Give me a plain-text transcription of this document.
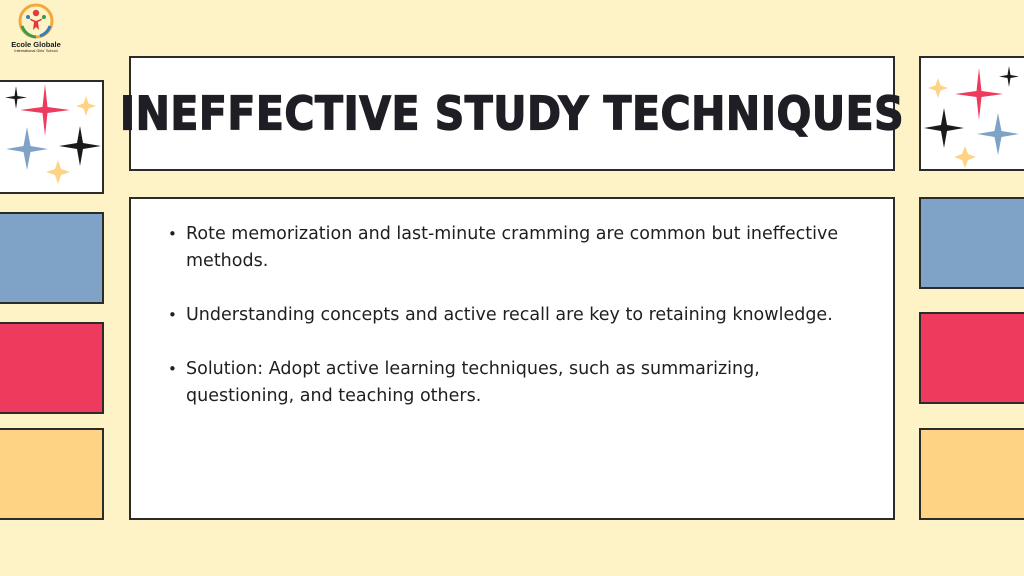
Ecole Globale
International Girls' School
INEFFECTIVE STUDY TECHNIQUES
• Rote memorization and last-minute cramming are common but ineffective methods.
• Understanding concepts and active recall are key to retaining knowledge.
• Solution: Adopt active learning techniques, such as summarizing, questioning, and teaching others.
